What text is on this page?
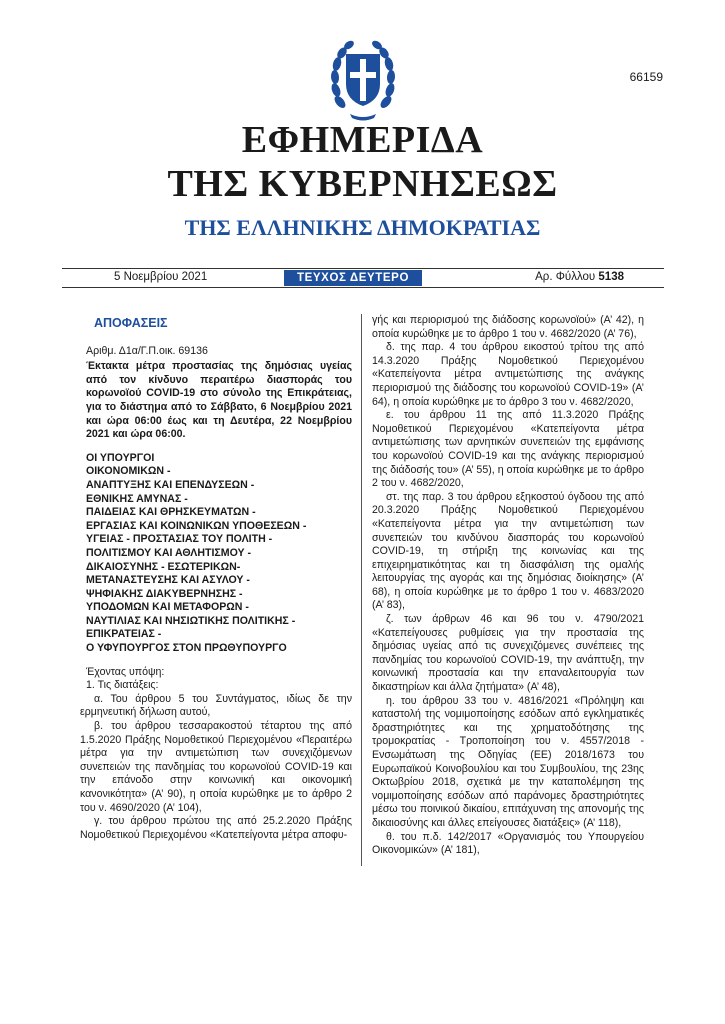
66159
ΕΦΗΜΕΡΙΔΑ
ΤΗΣ ΚΥΒΕΡΝΗΣΕΩΣ
ΤΗΣ ΕΛΛΗΝΙΚΗΣ ΔΗΜΟΚΡΑΤΙΑΣ
5 Νοεμβρίου 2021	ΤΕΥΧΟΣ ΔΕΥΤΕΡΟ	Αρ. Φύλλου 5138
ΑΠΟΦΑΣΕΙΣ
Αριθμ. Δ1α/Γ.Π.οικ. 69136
Έκτακτα μέτρα προστασίας της δημόσιας υγείας από τον κίνδυνο περαιτέρω διασποράς του κορωνοϊού COVID-19 στο σύνολο της Επικράτειας, για το διάστημα από το Σάββατο, 6 Νοεμβρίου 2021 και ώρα 06:00 έως και τη Δευτέρα, 22 Νοεμβρίου 2021 και ώρα 06:00.
ΟΙ ΥΠΟΥΡΓΟΙ
ΟΙΚΟΝΟΜΙΚΩΝ -
ΑΝΑΠΤΥΞΗΣ ΚΑΙ ΕΠΕΝΔΥΣΕΩΝ -
ΕΘΝΙΚΗΣ ΑΜΥΝΑΣ -
ΠΑΙΔΕΙΑΣ ΚΑΙ ΘΡΗΣΚΕΥΜΑΤΩΝ -
ΕΡΓΑΣΙΑΣ ΚΑΙ ΚΟΙΝΩΝΙΚΩΝ ΥΠΟΘΕΣΕΩΝ -
ΥΓΕΙΑΣ - ΠΡΟΣΤΑΣΙΑΣ ΤΟΥ ΠΟΛΙΤΗ -
ΠΟΛΙΤΙΣΜΟΥ ΚΑΙ ΑΘΛΗΤΙΣΜΟΥ -
ΔΙΚΑΙΟΣΥΝΗΣ - ΕΣΩΤΕΡΙΚΩΝ-
ΜΕΤΑΝΑΣΤΕΥΣΗΣ ΚΑΙ ΑΣΥΛΟΥ -
ΨΗΦΙΑΚΗΣ ΔΙΑΚΥΒΕΡΝΗΣΗΣ -
ΥΠΟΔΟΜΩΝ ΚΑΙ ΜΕΤΑΦΟΡΩΝ -
ΝΑΥΤΙΛΙΑΣ ΚΑΙ ΝΗΣΙΩΤΙΚΗΣ ΠΟΛΙΤΙΚΗΣ -
ΕΠΙΚΡΑΤΕΙΑΣ -
Ο ΥΦΥΠΟΥΡΓΟΣ ΣΤΟΝ ΠΡΩΘΥΠΟΥΡΓΟ

Έχοντας υπόψη:

1. Τις διατάξεις:

α. Του άρθρου 5 του Συντάγματος, ιδίως δε την ερμηνευτική δήλωση αυτού,

β. του άρθρου τεσσαρακοστού τέταρτου της από 1.5.2020 Πράξης Νομοθετικού Περιεχομένου «Περαιτέρω μέτρα για την αντιμετώπιση των συνεχιζόμενων συνεπειών της πανδημίας του κορωνοϊού COVID-19 και την επάνοδο στην κοινωνική και οικονομική κανονικότητα» (Α’ 90), η οποία κυρώθηκε με το άρθρο 2 του ν. 4690/2020 (Α’ 104),

γ. του άρθρου πρώτου της από 25.2.2020 Πράξης Νομοθετικού Περιεχομένου «Κατεπείγοντα μέτρα αποφυ-

γής και περιορισμού της διάδοσης κορωνοϊού» (Α’ 42), η οποία κυρώθηκε με το άρθρο 1 του ν. 4682/2020 (Α’ 76),

δ. της παρ. 4 του άρθρου εικοστού τρίτου της από 14.3.2020 Πράξης Νομοθετικού Περιεχομένου «Κατεπείγοντα μέτρα αντιμετώπισης της ανάγκης περιορισμού της διάδοσης του κορωνοϊού COVID-19» (Α’ 64), η οποία κυρώθηκε με το άρθρο 3 του ν. 4682/2020,

ε. του άρθρου 11 της από 11.3.2020 Πράξης Νομοθετικού Περιεχομένου «Κατεπείγοντα μέτρα αντιμετώπισης των αρνητικών συνεπειών της εμφάνισης του κορωνοϊού COVID-19 και της ανάγκης περιορισμού της διάδοσής του» (Α’ 55), η οποία κυρώθηκε με το άρθρο 2 του ν. 4682/2020,

στ. της παρ. 3 του άρθρου εξηκοστού όγδοου της από 20.3.2020 Πράξης Νομοθετικού Περιεχομένου «Κατεπείγοντα μέτρα για την αντιμετώπιση των συνεπειών του κινδύνου διασποράς του κορωνοϊού COVID-19, τη στήριξη της κοινωνίας και της επιχειρηματικότητας και τη διασφάλιση της ομαλής λειτουργίας της αγοράς και της δημόσιας διοίκησης» (Α’ 68), η οποία κυρώθηκε με το άρθρο 1 του ν. 4683/2020 (Α’ 83),

ζ. των άρθρων 46 και 96 του ν. 4790/2021 «Κατεπείγουσες ρυθμίσεις για την προστασία της δημόσιας υγείας από τις συνεχιζόμενες συνέπειες της πανδημίας του κορωνοϊού COVID-19, την ανάπτυξη, την κοινωνική προστασία και την επαναλειτουργία των δικαστηρίων και άλλα ζητήματα» (Α’ 48),

η. του άρθρου 33 του ν. 4816/2021 «Πρόληψη και καταστολή της νομιμοποίησης εσόδων από εγκληματικές δραστηριότητες και της χρηματοδότησης της τρομοκρατίας - Τροποποίηση του ν. 4557/2018 - Ενσωμάτωση της Οδηγίας (ΕΕ) 2018/1673 του Ευρωπαϊκού Κοινοβουλίου και του Συμβουλίου, της 23ης Οκτωβρίου 2018, σχετικά με την καταπολέμηση της νομιμοποίησης εσόδων από παράνομες δραστηριότητες μέσω του ποινικού δικαίου, επιτάχυνση της απονομής της δικαιοσύνης και άλλες επείγουσες διατάξεις» (Α’ 118),

θ. του π.δ. 142/2017 «Οργανισμός του Υπουργείου Οικονομικών» (Α’ 181),
